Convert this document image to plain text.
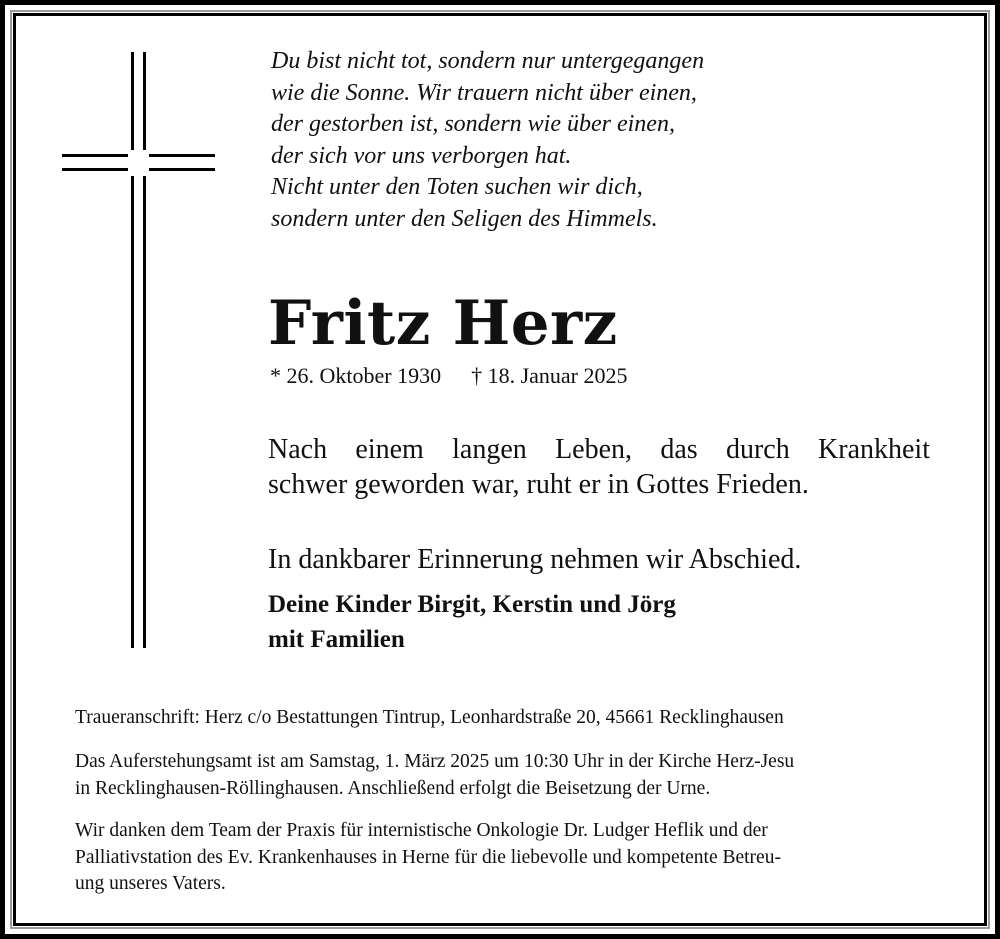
Du bist nicht tot, sondern nur untergegangen
wie die Sonne. Wir trauern nicht über einen,
der gestorben ist, sondern wie über einen,
der sich vor uns verborgen hat.
Nicht unter den Toten suchen wir dich,
sondern unter den Seligen des Himmels.
Fritz Herz
* 26. Oktober 1930 † 18. Januar 2025
Nach einem langen Leben, das durch Krankheit
schwer geworden war, ruht er in Gottes Frieden.
In dankbarer Erinnerung nehmen wir Abschied.
Deine Kinder Birgit, Kerstin und Jörg
mit Familien
Traueranschrift: Herz c/o Bestattungen Tintrup, Leonhardstraße 20, 45661 Recklinghausen
Das Auferstehungsamt ist am Samstag, 1. März 2025 um 10:30 Uhr in der Kirche Herz-Jesu
in Recklinghausen-Röllinghausen. Anschließend erfolgt die Beisetzung der Urne.
Wir danken dem Team der Praxis für internistische Onkologie Dr. Ludger Heflik und der
Palliativstation des Ev. Krankenhauses in Herne für die liebevolle und kompetente Betreu-
ung unseres Vaters.
